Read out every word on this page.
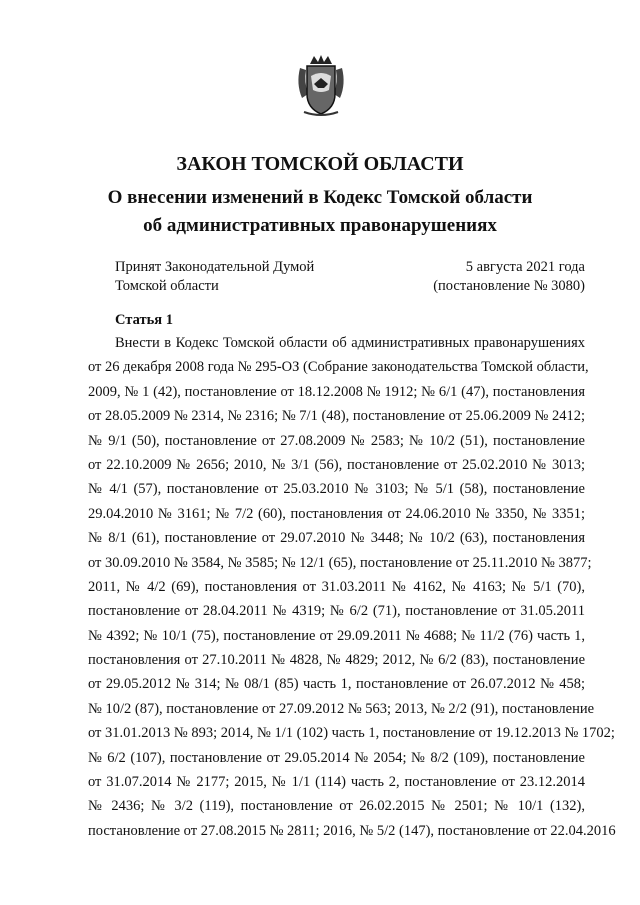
ЗАКОН ТОМСКОЙ ОБЛАСТИ
О внесении изменений в Кодекс Томской области
об административных правонарушениях
Принят Законодательной Думой
Томской области
5 августа 2021 года
(постановление № 3080)
Статья 1
Внести в Кодекс Томской области об административных правонарушениях
от 26 декабря 2008 года № 295-ОЗ (Собрание законодательства Томской области,
2009, № 1 (42), постановление от 18.12.2008 № 1912; № 6/1 (47), постановления
от 28.05.2009 № 2314, № 2316; № 7/1 (48), постановление от 25.06.2009 № 2412;
№ 9/1 (50), постановление от 27.08.2009 № 2583; № 10/2 (51), постановление
от 22.10.2009 № 2656; 2010, № 3/1 (56), постановление от 25.02.2010 № 3013;
№ 4/1 (57), постановление от 25.03.2010 № 3103; № 5/1 (58), постановление
29.04.2010 № 3161; № 7/2 (60), постановления от 24.06.2010 № 3350, № 3351;
№ 8/1 (61), постановление от 29.07.2010 № 3448; № 10/2 (63), постановления
от 30.09.2010 № 3584, № 3585; № 12/1 (65), постановление от 25.11.2010 № 3877;
2011, № 4/2 (69), постановления от 31.03.2011 № 4162, № 4163; № 5/1 (70),
постановление от 28.04.2011 № 4319; № 6/2 (71), постановление от 31.05.2011
№ 4392; № 10/1 (75), постановление от 29.09.2011 № 4688; № 11/2 (76) часть 1,
постановления от 27.10.2011 № 4828, № 4829; 2012, № 6/2 (83), постановление
от 29.05.2012 № 314; № 08/1 (85) часть 1, постановление от 26.07.2012 № 458;
№ 10/2 (87), постановление от 27.09.2012 № 563; 2013, № 2/2 (91), постановление
от 31.01.2013 № 893; 2014, № 1/1 (102) часть 1, постановление от 19.12.2013 № 1702;
№ 6/2 (107), постановление от 29.05.2014 № 2054; № 8/2 (109), постановление
от 31.07.2014 № 2177; 2015, № 1/1 (114) часть 2, постановление от 23.12.2014
№ 2436; № 3/2 (119), постановление от 26.02.2015 № 2501; № 10/1 (132),
постановление от 27.08.2015 № 2811; 2016, № 5/2 (147), постановление от 22.04.2016
